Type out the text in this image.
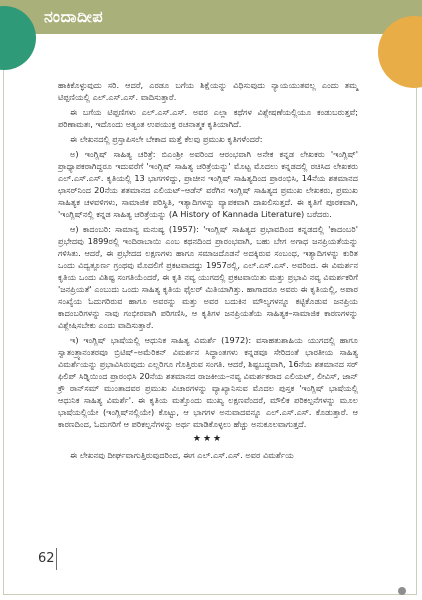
ನಂದಾದೀಪ

ಹಾಕಿಕೊಳ್ಳುವುದು ಸರಿ. ಆದರೆ, ಎರಡೂ ಬಗೆಯ ಶಿಕ್ಷೆಯನ್ನು ವಿಧಿಸುವುದು ನ್ಯಾಯಯುತವಲ್ಲ ಎಂದು ತಮ್ಮ ಟಿಪ್ಪಣಿಯಲ್ಲಿ ಎಲ್.ಎಸ್.ಎಸ್. ವಾದಿಸುತ್ತಾರೆ.

ಈ ಬಗೆಯ ಟಿಪ್ಪಣಿಗಳು ಎಲ್.ಎಸ್.ಎಸ್. ಅವರ ಎಲ್ಲಾ ಕಥೆಗಳ ವಿಶ್ಲೇಷಣೆಯಲ್ಲಿಯೂ ಕಂಡುಬರುತ್ತವೆ; ಪರಿಣಾಮತಃ, ಇದೊಂದು ಅತ್ಯಂತ ಉಪಯುಕ್ತ ರಚನಾತ್ಮಕ ಕೃತಿಯಾಗಿದೆ.

ಈ ಲೇಖನದಲ್ಲಿ ಪ್ರಸ್ತಾಪಿಸಲೇ ಬೇಕಾದ ಮತ್ತೆ ಕೆಲವು ಪ್ರಮುಖ ಕೃತಿಗಳೆಂದರೆ:

ಅ) ಇಂಗ್ಲಿಷ್ ಸಾಹಿತ್ಯ ಚರಿತ್ರೆ: ಬಿಎಂಶ್ರೀ ಅವರಿಂದ ಆರಂಭವಾಗಿ ಅನೇಕ ಕನ್ನಡ ಲೇಖಕರು 'ಇಂಗ್ಲಿಷ್' ಪ್ರಾಧ್ಯಾಪಕರಾಗಿದ್ದರೂ ಇದುವರೆಗೆ 'ಇಂಗ್ಲಿಷ್ ಸಾಹಿತ್ಯ ಚರಿತ್ರೆಯನ್ನು' ಮೊಟ್ಟ ಮೊದಲು ಕನ್ನಡದಲ್ಲಿ ರಚಿಸಿದ ಲೇಖಕರು ಎಲ್.ಎಸ್.ಎಸ್. ಕೃತಿಯಲ್ಲಿ 13 ಭಾಗಗಳಿದ್ದು, ಪ್ರಾಚೀನ ಇಂಗ್ಲಿಷ್ ಸಾಹಿತ್ಯದಿಂದ ಪ್ರಾರಂಭಿಸಿ, 14ನೆಯ ಶತಮಾನದ ಛಾಸರ್‌ನಿಂದ 20ನೆಯ ಶತಮಾನದ ಎಲಿಯಟ್–ಆಡೆನ್ ವರೆಗಿನ ಇಂಗ್ಲಿಷ್ ಸಾಹಿತ್ಯದ ಪ್ರಮುಖ ಲೇಖಕರು, ಪ್ರಮುಖ ಸಾಹಿತ್ಯಕ ಚಳವಳಿಗಳು, ಸಾಮಾಜಿಕ ಪರಿಸ್ಥಿತಿ, ಇತ್ಯಾದಿಗಳನ್ನು ವ್ಯಾಪಕವಾಗಿ ದಾಖಲಿಸುತ್ತದೆ. ಈ ಕೃತಿಗೆ ಪೂರಕವಾಗಿ, 'ಇಂಗ್ಲಿಷ್‌ನಲ್ಲಿ ಕನ್ನಡ ಸಾಹಿತ್ಯ ಚರಿತ್ರೆಯನ್ನು (A History of Kannada Literature) ಬರೆದರು.

ಆ) ಕಾದಂಬರಿ: ಸಾಮಾನ್ಯ ಮನುಷ್ಯ (1957): 'ಇಂಗ್ಲಿಷ್ ಸಾಹಿತ್ಯದ ಪ್ರಭಾವದಿಂದ ಕನ್ನಡದಲ್ಲಿ 'ಕಾದಂಬರಿ' ಪ್ರಭೇದವು 1899ರಲ್ಲಿ ಇಂದಿರಾಬಾಯಿ ಎಂಬ ಕಥನದಿಂದ ಪ್ರಾರಂಭವಾಗಿ, ಬಹು ಬೇಗ ಅಗಾಧ ಜನಪ್ರಿಯತೆಯನ್ನು ಗಳಿಸಿತು. ಆದರೆ, ಈ ಪ್ರಭೇದದ ಲಕ್ಷಣಗಳು ಹಾಗೂ ಸಮಾಜದೊಡನೆ ಅದಕ್ಕಿರುವ ಸಂಬಂಧ, ಇತ್ಯಾದಿಗಳನ್ನು ಕುರಿತ ಒಂದು ವಿದ್ವತ್ಪೂರ್ಣ ಗ್ರಂಥವು ಮೊದಲಿಗೆ ಪ್ರಕಟವಾದದ್ದು 1957ರಲ್ಲಿ, ಎಲ್.ಎಸ್.ಎಸ್. ಅವರಿಂದ. ಈ ವಿಮರ್ಶನ ಕೃತಿಯ ಒಂದು ವಿಶಿಷ್ಟ ಸಂಗತಿಯೆಂದರೆ, ಈ ಕೃತಿ ನವ್ಯ ಯುಗದಲ್ಲಿ ಪ್ರಕಟವಾಯಿತು ಮತ್ತು ಪ್ರಭಾವಿ ನವ್ಯ ವಿಮರ್ಶಕರಿಗೆ 'ಜನಪ್ರಿಯತೆ' ಎಂಬುದು ಒಂದು ಸಾಹಿತ್ಯ ಕೃತಿಯ ಫೈಲರ್ ಮಿತಿಯಾಗಿತ್ತು. ಹಾಗಾದರೂ ಅವರು ಈ ಕೃತಿಯಲ್ಲಿ, ಅಪಾರ ಸಂಖ್ಯೆಯ ಓದುಗರಿರುವ ಹಾಗೂ ಅವರನ್ನು ಮತ್ತು ಅವರ ಬದುಕಿನ ಮೌಲ್ಯಗಳನ್ನೂ ಕಟ್ಟಿಕೊಡುವ ಜನಪ್ರಿಯ ಕಾದಂಬರಿಗಳನ್ನು ನಾವು ಗಂಭೀರವಾಗಿ ಪರಿಗಣಿಸಿ, ಆ ಕೃತಿಗಳ ಜನಪ್ರಿಯತೆಯ ಸಾಹಿತ್ಯಕ–ಸಾಮಾಜಿಕ ಕಾರಣಗಳನ್ನು ವಿಶ್ಲೇಷಿಸಬೇಕು ಎಂದು ವಾದಿಸುತ್ತಾರೆ.

ಇ) ಇಂಗ್ಲಿಷ್ ಭಾಷೆಯಲ್ಲಿ ಆಧುನಿಕ ಸಾಹಿತ್ಯ ವಿಮರ್ಶೆ (1972): ವಸಾಹತುಶಾಹಿಯ ಯುಗದಲ್ಲಿ ಹಾಗೂ ಸ್ವಾತಂತ್ರ್ಯಾನಂತರವೂ ಬ್ರಿಟಿಷ್–ಅಮೆರಿಕನ್ ವಿಮರ್ಶನ ಸಿದ್ಧಾಂತಗಳು ಕನ್ನಡವೂ ಸೇರಿದಂತೆ ಭಾರತೀಯ ಸಾಹಿತ್ಯ ವಿಮರ್ಶೆಯನ್ನು ಪ್ರಭಾವಿಸಿರುವುದು ಎಲ್ಲರಿಗೂ ಗೊತ್ತಿರುವ ಸಂಗತಿ. ಆದರೆ, ಶಿಷ್ಟಬದ್ಧವಾಗಿ, 16ನೆಯ ಶತಮಾನದ ಸರ್ ಫಿಲಿಪ್ ಸಿಡ್ನಿಯಿಂದ ಪ್ರಾರಂಭಿಸಿ 20ನೆಯ ಶತಮಾನದ ರಾಜಕೀಯ–ನವ್ಯ ವಿಮರ್ಶಕರಾದ ಎಲಿಯಟ್, ಲೀವಿಸ್, ಜಾನ್ ಕ್ರೌ ರಾನ್‌ಸಮ್ ಮುಂತಾದವರ ಪ್ರಮುಖ ವಿಚಾರಗಳನ್ನು ವ್ಯಾಖ್ಯಾನಿಸುವ ಮೊದಲ ಪುಸ್ತಕ 'ಇಂಗ್ಲಿಷ್ ಭಾಷೆಯಲ್ಲಿ ಆಧುನಿಕ ಸಾಹಿತ್ಯ ವಿಮರ್ಶೆ'. ಈ ಕೃತಿಯ ಮತ್ತೊಂದು ಮುಖ್ಯ ಲಕ್ಷಣವೆಂದರೆ, ಮೌಲಿಕ ಪರಿಕಲ್ಪನೆಗಳನ್ನು ಮೂಲ ಭಾಷೆಯಲ್ಲಿಯೇ (ಇಂಗ್ಲಿಷ್‌ನಲ್ಲಿಯೇ) ಕೊಟ್ಟು, ಆ ಭಾಗಗಳ ಅನುವಾದವನ್ನೂ ಎಲ್.ಎಸ್.ಎಸ್. ಕೊಡುತ್ತಾರೆ. ಆ ಕಾರಣದಿಂದ, ಓದುಗರಿಗೆ ಆ ಪರಿಕಲ್ಪನೆಗಳನ್ನು ಅರ್ಥ ಮಾಡಿಕೊಳ್ಳಲು ಹೆಚ್ಚು ಅನುಕೂಲವಾಗುತ್ತದೆ.

★★★

ಈ ಲೇಖನವು ದೀರ್ಘವಾಗುತ್ತಿರುವುದರಿಂದ, ಈಗ ಎಲ್.ಎಸ್.ಎಸ್. ಅವರ ವಿಮರ್ಶೆಯ

62
